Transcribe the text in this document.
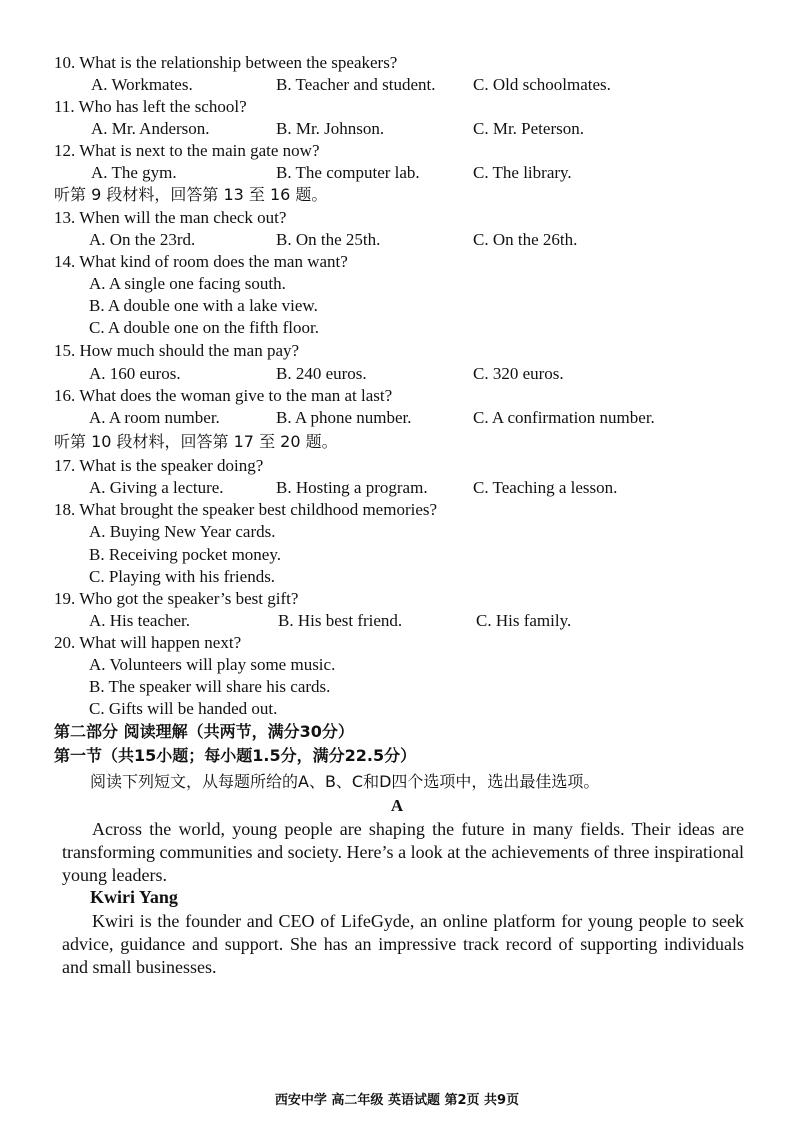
10. What is the relationship between the speakers?
A. Workmates.	B. Teacher and student. C. Old schoolmates.
11. Who has left the school?
A. Mr. Anderson.	B. Mr. Johnson.	C. Mr. Peterson.
12. What is next to the main gate now?
A. The gym.	B. The computer lab.	C. The library.
听第 9 段材料，回答第 13 至 16 题。
13. When will the man check out?
A. On the 23rd.	B. On the 25th.	C. On the 26th.
14. What kind of room does the man want?
A. A single one facing south.
B. A double one with a lake view.
C. A double one on the fifth floor.
15. How much should the man pay?
A. 160 euros.	B. 240 euros.	C. 320 euros.
16. What does the woman give to the man at last?
A. A room number.	B. A phone number.	C. A confirmation number.
听第 10 段材料，回答第 17 至 20 题。
17. What is the speaker doing?
A. Giving a lecture.	B. Hosting a program.	C. Teaching a lesson.
18. What brought the speaker best childhood memories?
A. Buying New Year cards.
B. Receiving pocket money.
C. Playing with his friends.
19. Who got the speaker’s best gift?
A. His teacher.	B. His best friend.	C. His family.
20. What will happen next?
A. Volunteers will play some music.
B. The speaker will share his cards.
C. Gifts will be handed out.
第二部分 阅读理解（共两节，满分30分）
第一节（共15小题；每小题1.5分，满分22.5分）
阅读下列短文，从每题所给的A、B、C和D四个选项中，选出最佳选项。
A
Across the world, young people are shaping the future in many fields. Their ideas are transforming communities and society. Here’s a look at the achievements of three inspirational young leaders.
Kwiri Yang
Kwiri is the founder and CEO of LifeGyde, an online platform for young people to seek advice, guidance and support. She has an impressive track record of supporting individuals and small businesses.
西安中学 高二年级 英语试题 第2页 共9页
